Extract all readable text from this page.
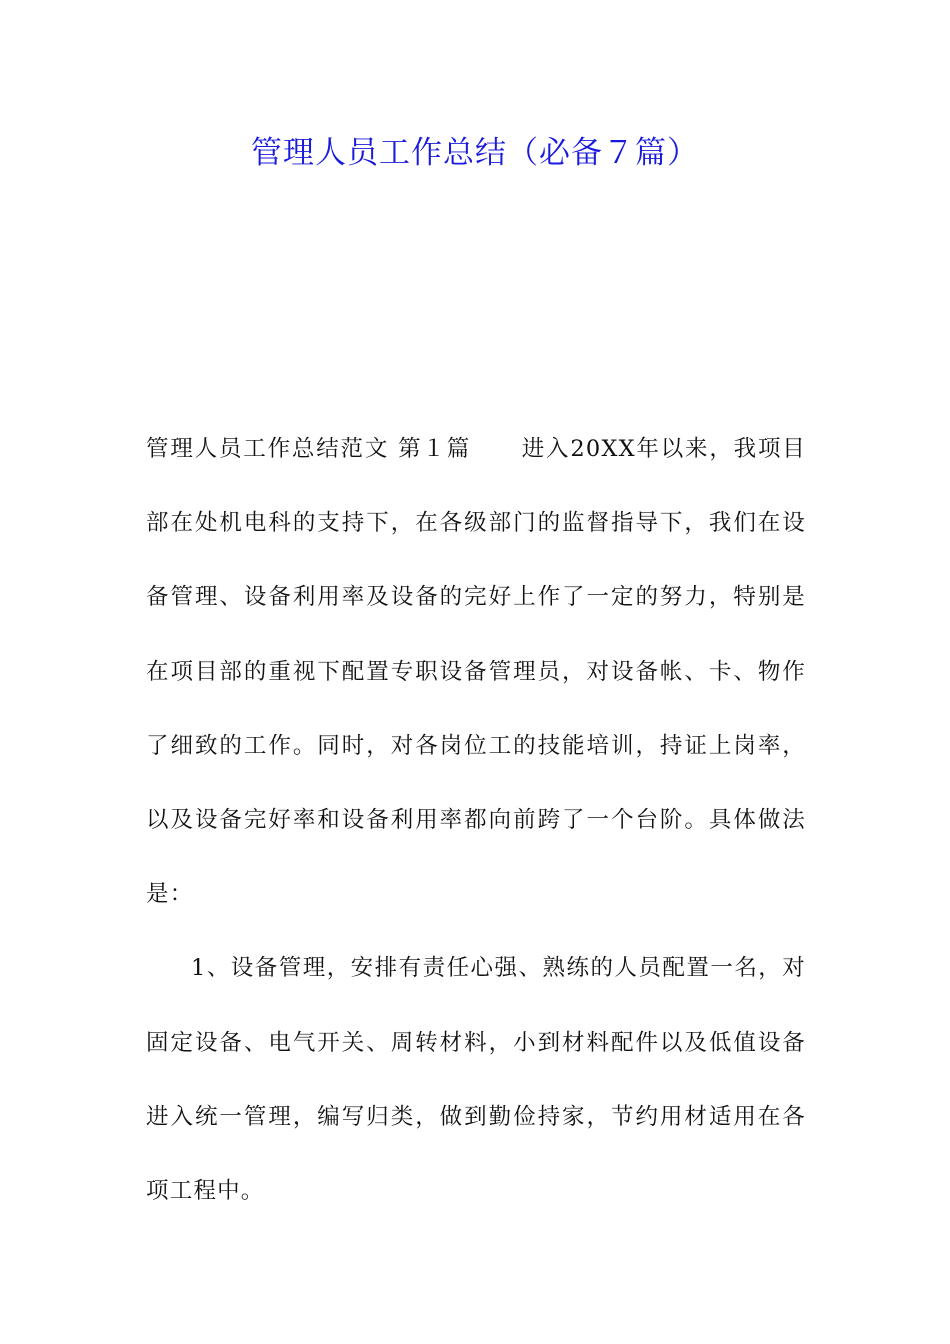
管理人员工作总结（必备７篇）

管理人员工作总结范文 第１篇 进入20XX年以来，我项目部在处机电科的支持下，在各级部门的监督指导下，我们在设备管理、设备利用率及设备的完好上作了一定的努力，特别是在项目部的重视下配置专职设备管理员，对设备帐、卡、物作了细致的工作。同时，对各岗位工的技能培训，持证上岗率，以及设备完好率和设备利用率都向前跨了一个台阶。具体做法是：

1、设备管理，安排有责任心强、熟练的人员配置一名，对固定设备、电气开关、周转材料，小到材料配件以及低值设备进入统一管理，编写归类，做到勤俭持家，节约用材适用在各项工程中。
